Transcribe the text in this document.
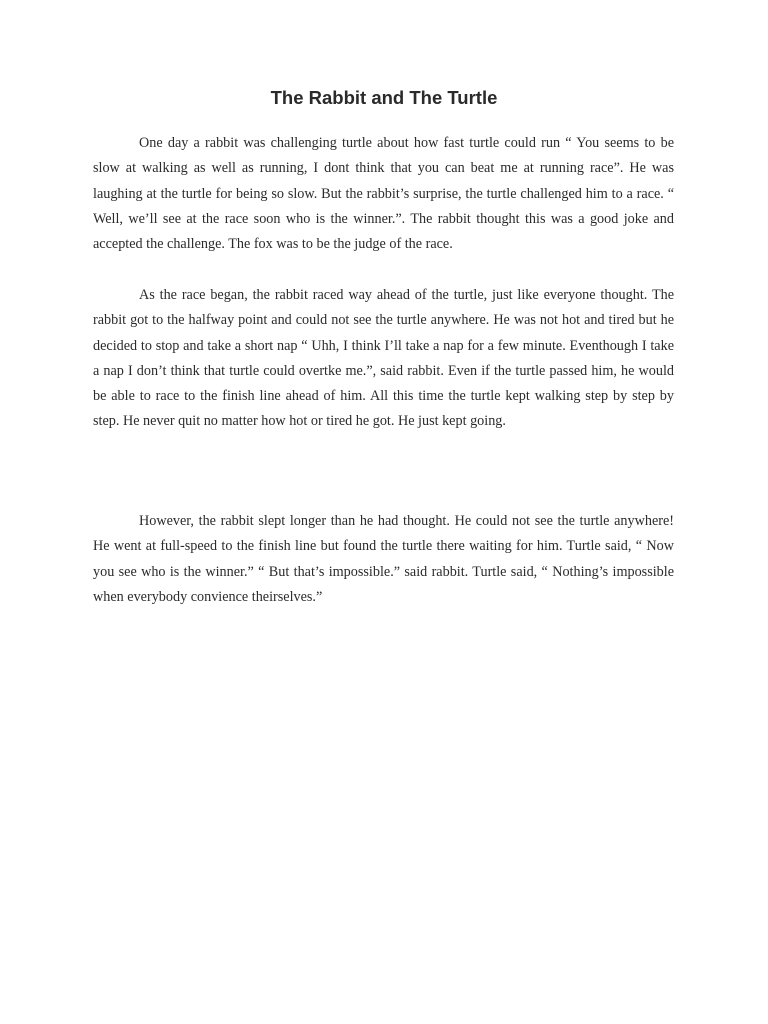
The Rabbit and The Turtle

One day a rabbit was challenging turtle about how fast turtle could run “ You seems to be slow at walking as well as running, I dont think that you can beat me at running race”. He was laughing at the turtle for being so slow. But the rabbit’s surprise, the turtle challenged him to a race. “ Well, we’ll see at the race soon who is the winner.”. The rabbit thought this was a good joke and accepted the challenge. The fox was to be the judge of the race.

As the race began, the rabbit raced way ahead of the turtle, just like everyone thought. The rabbit got to the halfway point and could not see the turtle anywhere. He was not hot and tired but he decided to stop and take a short nap “ Uhh, I think I’ll take a nap for a few minute. Eventhough I take a nap I don’t think that turtle could overtke me.”, said rabbit. Even if the turtle passed him, he would be able to race to the finish line ahead of him. All this time the turtle kept walking step by step by step. He never quit no matter how hot or tired he got. He just kept going.

However, the rabbit slept longer than he had thought. He could not see the turtle anywhere! He went at full-speed to the finish line but found the turtle there waiting for him. Turtle said, “ Now you see who is the winner.” “ But that’s impossible.” said rabbit. Turtle said, “ Nothing’s impossible when everybody convience theirselves.”
